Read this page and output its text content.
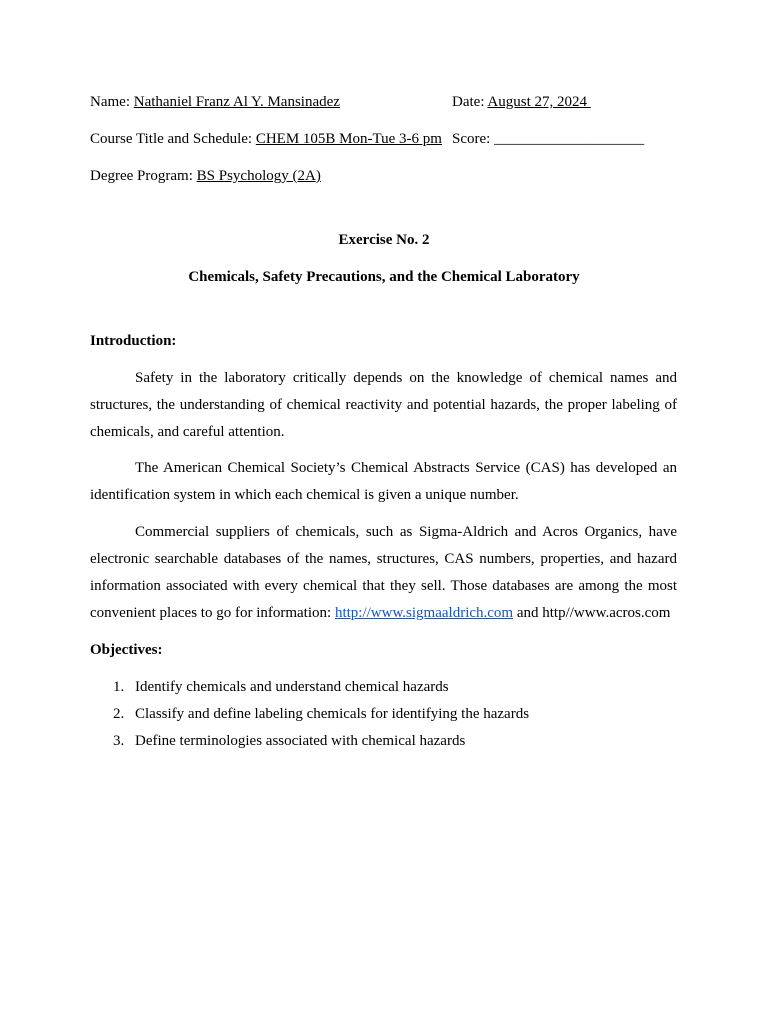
Name: Nathaniel Franz Al Y. Mansinadez	Date: August 27, 2024
Course Title and Schedule: CHEM 105B Mon-Tue 3-6 pm Score: ____________________
Degree Program: BS Psychology (2A)
Exercise No. 2
Chemicals, Safety Precautions, and the Chemical Laboratory
Introduction:
Safety in the laboratory critically depends on the knowledge of chemical names and structures, the understanding of chemical reactivity and potential hazards, the proper labeling of chemicals, and careful attention.
The American Chemical Society’s Chemical Abstracts Service (CAS) has developed an identification system in which each chemical is given a unique number.
Commercial suppliers of chemicals, such as Sigma-Aldrich and Acros Organics, have electronic searchable databases of the names, structures, CAS numbers, properties, and hazard information associated with every chemical that they sell. Those databases are among the most convenient places to go for information: http://www.sigmaaldrich.com and http//www.acros.com
Objectives:
1. Identify chemicals and understand chemical hazards
2. Classify and define labeling chemicals for identifying the hazards
3. Define terminologies associated with chemical hazards
